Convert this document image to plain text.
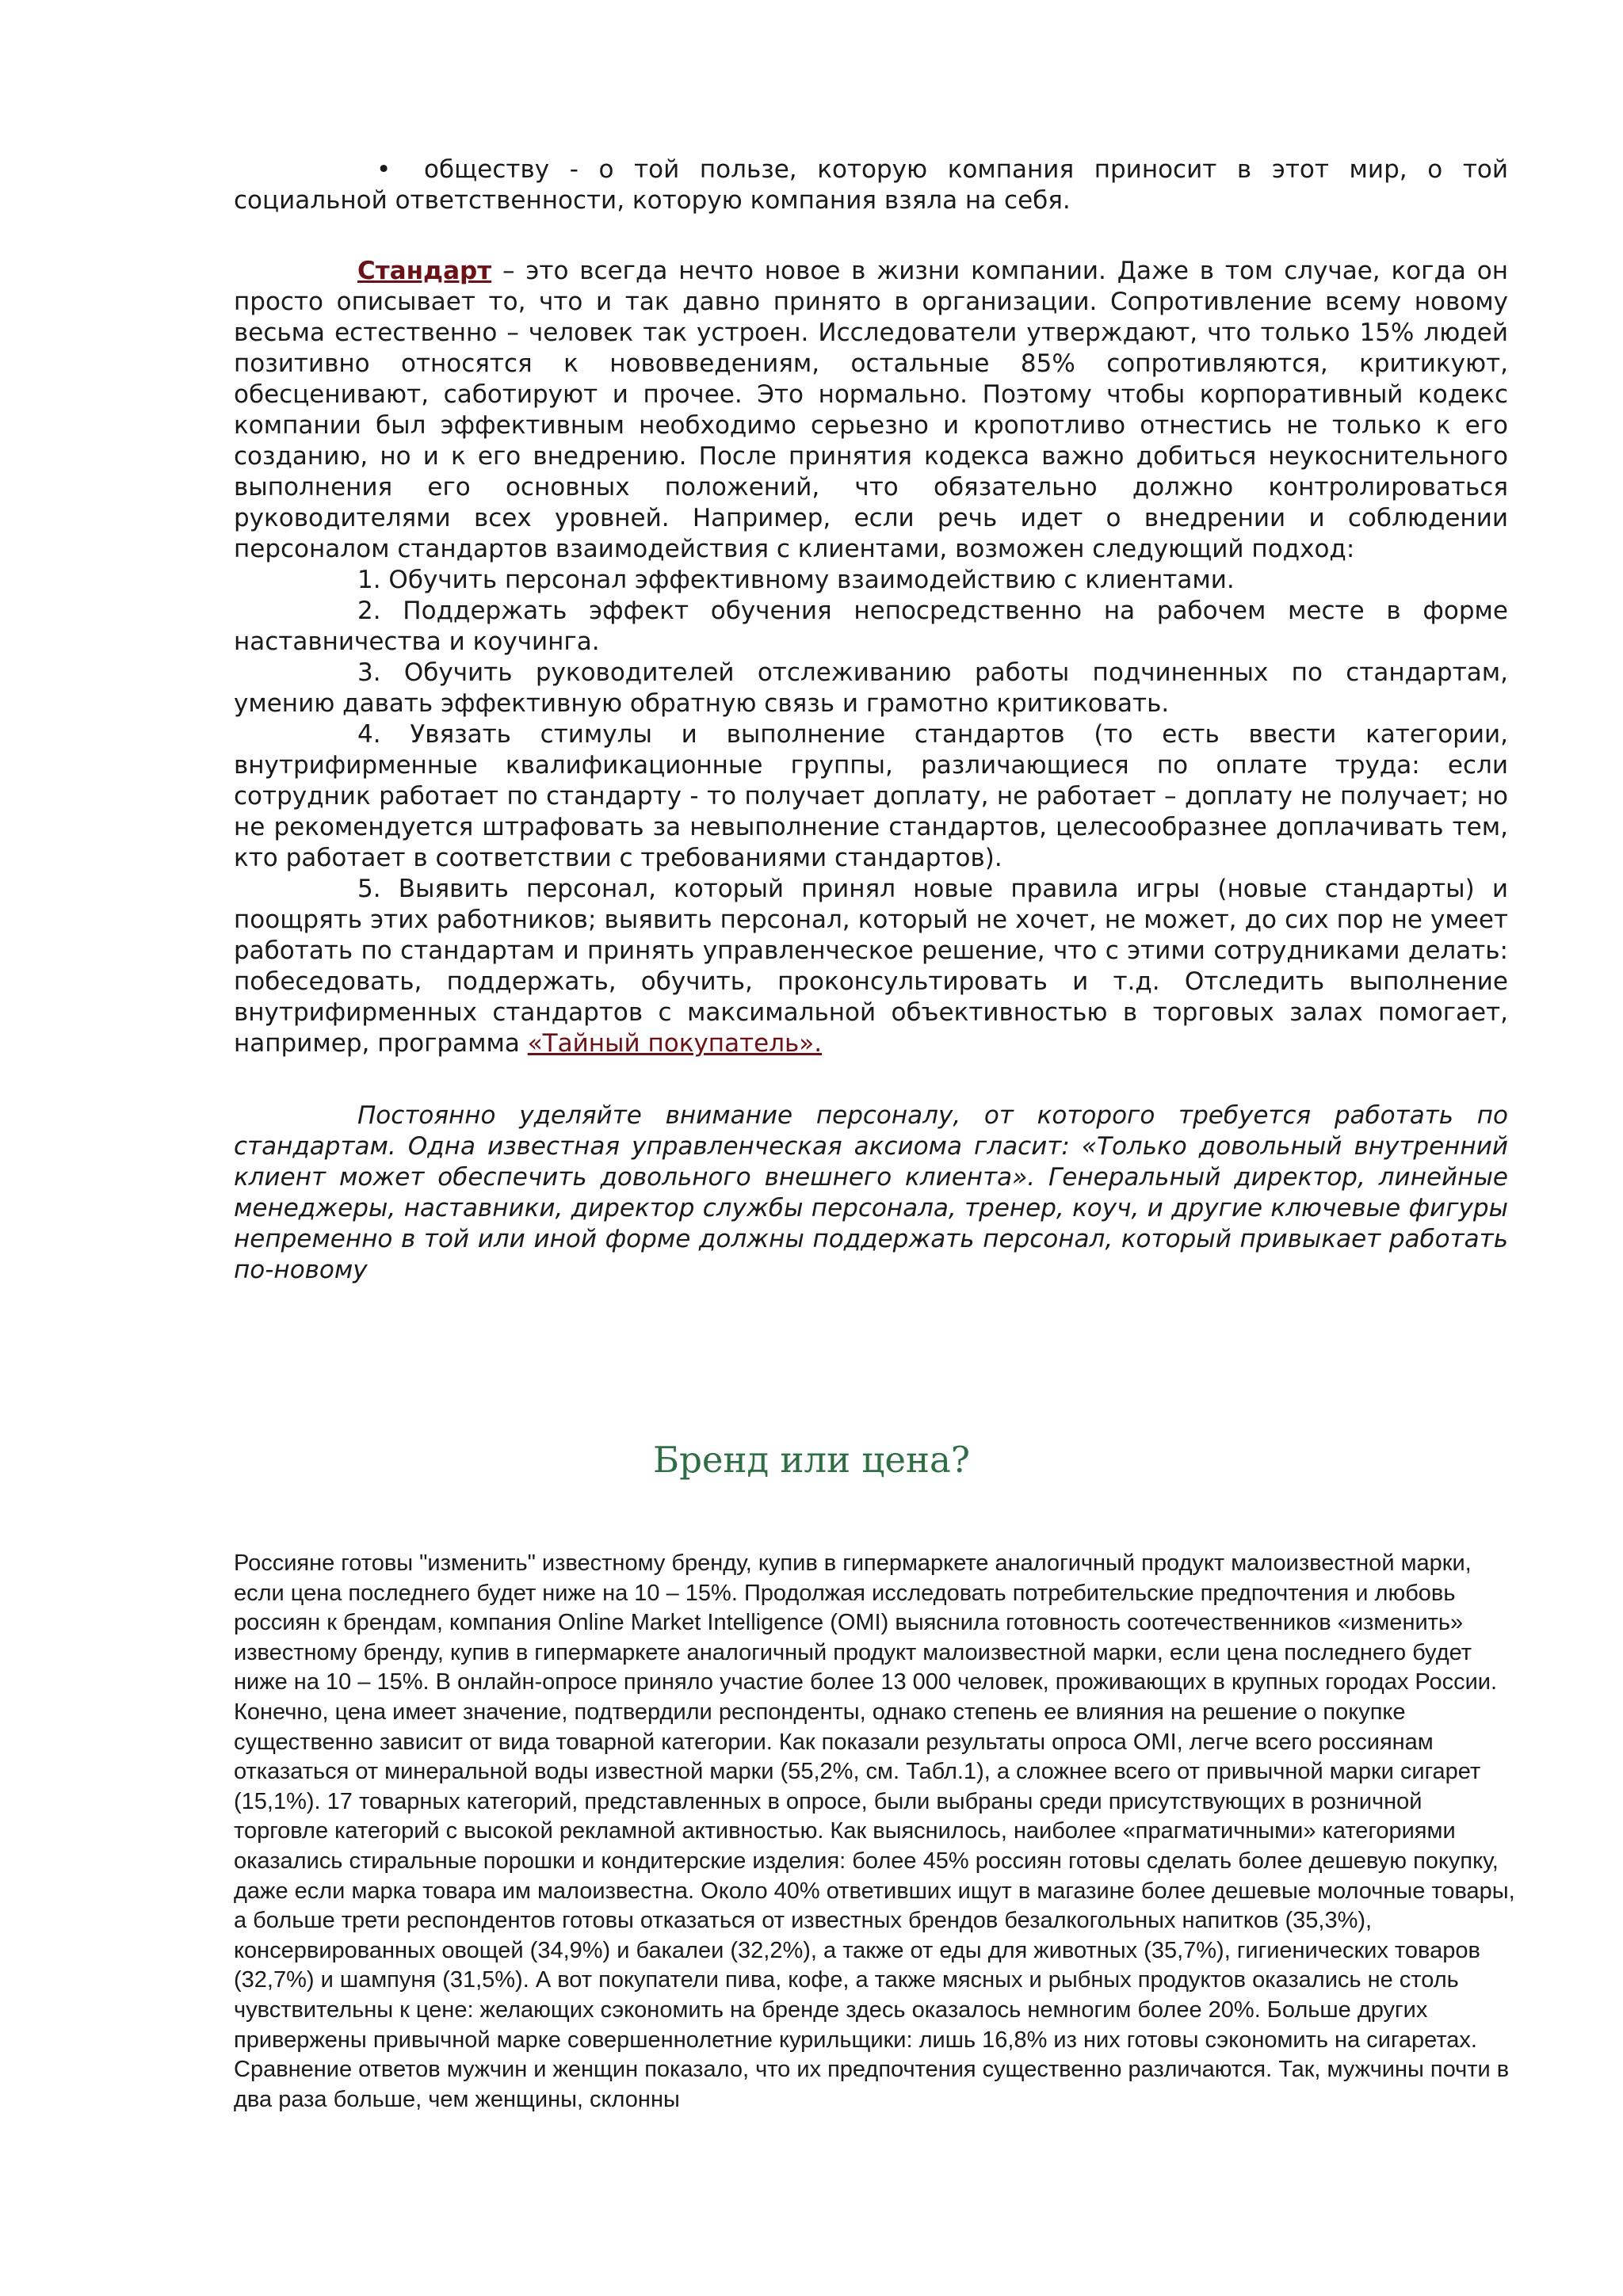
• обществу - о той пользе, которую компания приносит в этот мир, о той социальной ответственности, которую компания взяла на себя.

Стандарт – это всегда нечто новое в жизни компании. Даже в том случае, когда он просто описывает то, что и так давно принято в организации. Сопротивление всему новому весьма естественно – человек так устроен. Исследователи утверждают, что только 15% людей позитивно относятся к нововведениям, остальные 85% сопротивляются, критикуют, обесценивают, саботируют и прочее. Это нормально. Поэтому чтобы корпоративный кодекс компании был эффективным необходимо серьезно и кропотливо отнестись не только к его созданию, но и к его внедрению. После принятия кодекса важно добиться неукоснительного выполнения его основных положений, что обязательно должно контролироваться руководителями всех уровней. Например, если речь идет о внедрении и соблюдении персоналом стандартов взаимодействия с клиентами, возможен следующий подход:

1. Обучить персонал эффективному взаимодействию с клиентами.

2. Поддержать эффект обучения непосредственно на рабочем месте в форме наставничества и коучинга.

3. Обучить руководителей отслеживанию работы подчиненных по стандартам, умению давать эффективную обратную связь и грамотно критиковать.

4. Увязать стимулы и выполнение стандартов (то есть ввести категории, внутрифирменные квалификационные группы, различающиеся по оплате труда: если сотрудник работает по стандарту - то получает доплату, не работает – доплату не получает; но не рекомендуется штрафовать за невыполнение стандартов, целесообразнее доплачивать тем, кто работает в соответствии с требованиями стандартов).

5. Выявить персонал, который принял новые правила игры (новые стандарты) и поощрять этих работников; выявить персонал, который не хочет, не может, до сих пор не умеет работать по стандартам и принять управленческое решение, что с этими сотрудниками делать: побеседовать, поддержать, обучить, проконсультировать и т.д. Отследить выполнение внутрифирменных стандартов с максимальной объективностью в торговых залах помогает, например, программа «Тайный покупатель».

Постоянно уделяйте внимание персоналу, от которого требуется работать по стандартам. Одна известная управленческая аксиома гласит: «Только довольный внутренний клиент может обеспечить довольного внешнего клиента». Генеральный директор, линейные менеджеры, наставники, директор службы персонала, тренер, коуч, и другие ключевые фигуры непременно в той или иной форме должны поддержать персонал, который привыкает работать по-новому

Бренд или цена?

Россияне готовы "изменить" известному бренду, купив в гипермаркете аналогичный продукт малоизвестной марки, если цена последнего будет ниже на 10 – 15%. Продолжая исследовать потребительские предпочтения и любовь россиян к брендам, компания Online Market Intelligence (OMI) выяснила готовность соотечественников «изменить» известному бренду, купив в гипермаркете аналогичный продукт малоизвестной марки, если цена последнего будет ниже на 10 – 15%. В онлайн-опросе приняло участие более 13 000 человек, проживающих в крупных городах России. Конечно, цена имеет значение, подтвердили респонденты, однако степень ее влияния на решение о покупке существенно зависит от вида товарной категории. Как показали результаты опроса OMI, легче всего россиянам отказаться от минеральной воды известной марки (55,2%, см. Табл.1), а сложнее всего от привычной марки сигарет (15,1%). 17 товарных категорий, представленных в опросе, были выбраны среди присутствующих в розничной торговле категорий с высокой рекламной активностью. Как выяснилось, наиболее «прагматичными» категориями оказались стиральные порошки и кондитерские изделия: более 45% россиян готовы сделать более дешевую покупку, даже если марка товара им малоизвестна. Около 40% ответивших ищут в магазине более дешевые молочные товары, а больше трети респондентов готовы отказаться от известных брендов безалкогольных напитков (35,3%), консервированных овощей (34,9%) и бакалеи (32,2%), а также от еды для животных (35,7%), гигиенических товаров (32,7%) и шампуня (31,5%). А вот покупатели пива, кофе, а также мясных и рыбных продуктов оказались не столь чувствительны к цене: желающих сэкономить на бренде здесь оказалось немногим более 20%. Больше других привержены привычной марке совершеннолетние курильщики: лишь 16,8% из них готовы сэкономить на сигаретах. Сравнение ответов мужчин и женщин показало, что их предпочтения существенно различаются. Так, мужчины почти в два раза больше, чем женщины, склонны
